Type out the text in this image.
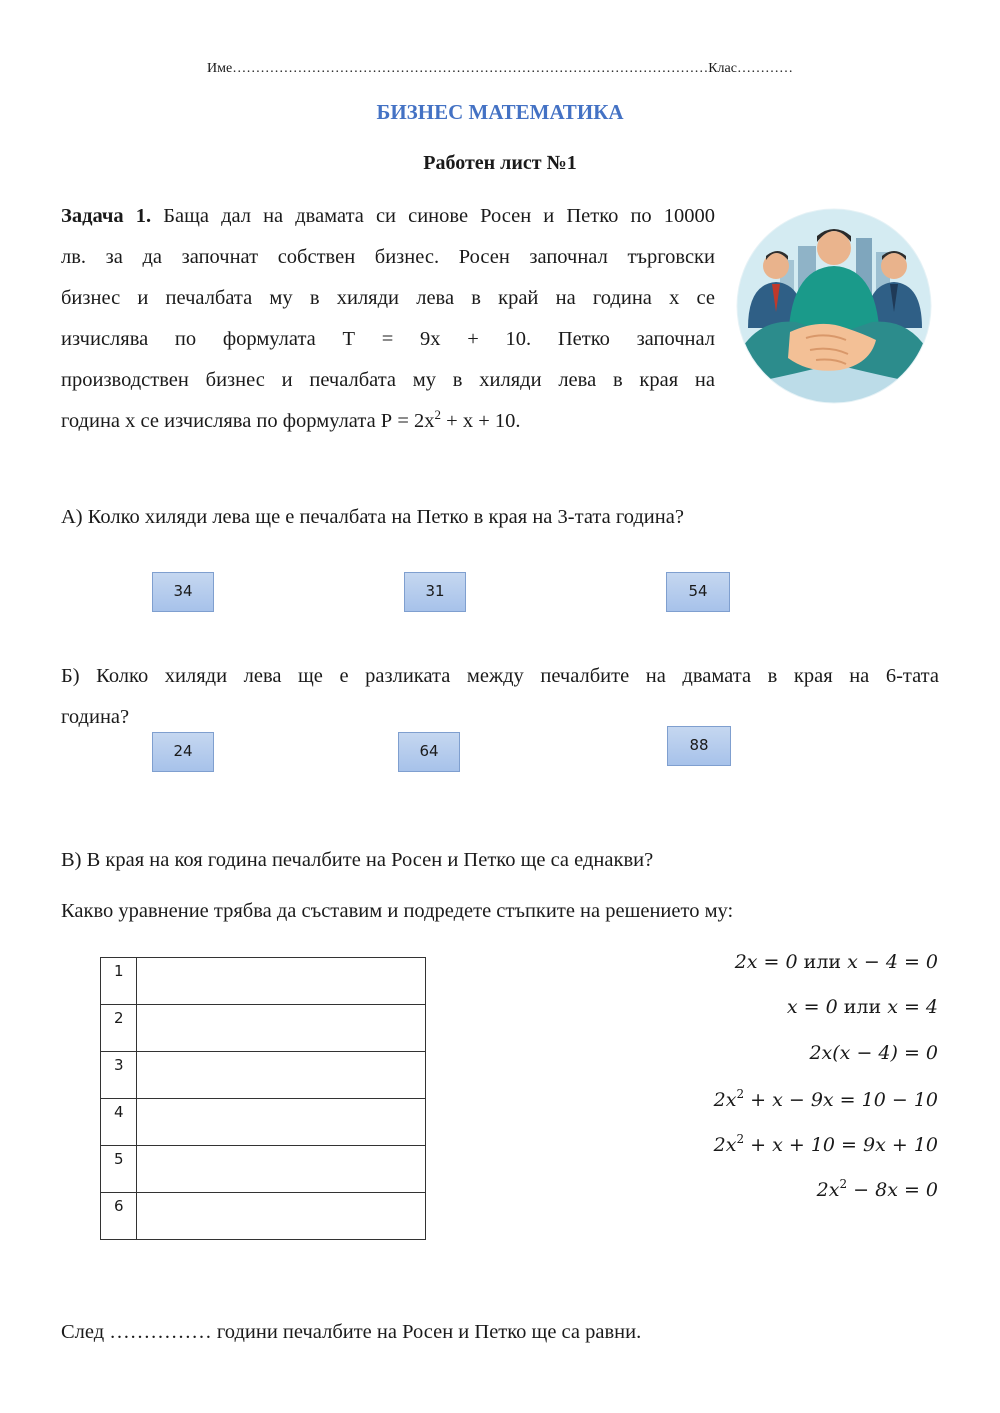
Име…………………………………………………………………………………………Клас…………
БИЗНЕС МАТЕМАТИКА
Работен лист №1
Задача 1. Баща дал на двамата си синове Росен и Петко по 10000
лв. за да започнат собствен бизнес. Росен започнал търговски
бизнес и печалбата му в хиляди лева в край на година х се
изчислява по формулата Т = 9х + 10. Петко започнал
производствен бизнес и печалбата му в хиляди лева в края на
година х се изчислява по формулата $Р = 2х^2 + х + 10$.
А) Колко хиляди лева ще е печалбата на Петко в края на 3-тата година?
34	31	54
Б) Колко хиляди лева ще е разликата между печалбите на двамата в края на 6-тата
година?
24	64	88
В) В края на коя година печалбите на Росен и Петко ще са еднакви?
Какво уравнение трябва да съставим и подредете стъпките на решението му:
1	
2	
3	
4	
5	
6	
2x = 0 или x − 4 = 0
x = 0 или x = 4
2x(x − 4) = 0
$2x^2 + x - 9x = 10 - 10$
$2x^2 + x + 10 = 9x + 10$
$2x^2 - 8x = 0$
След …………… години печалбите на Росен и Петко ще са равни.
